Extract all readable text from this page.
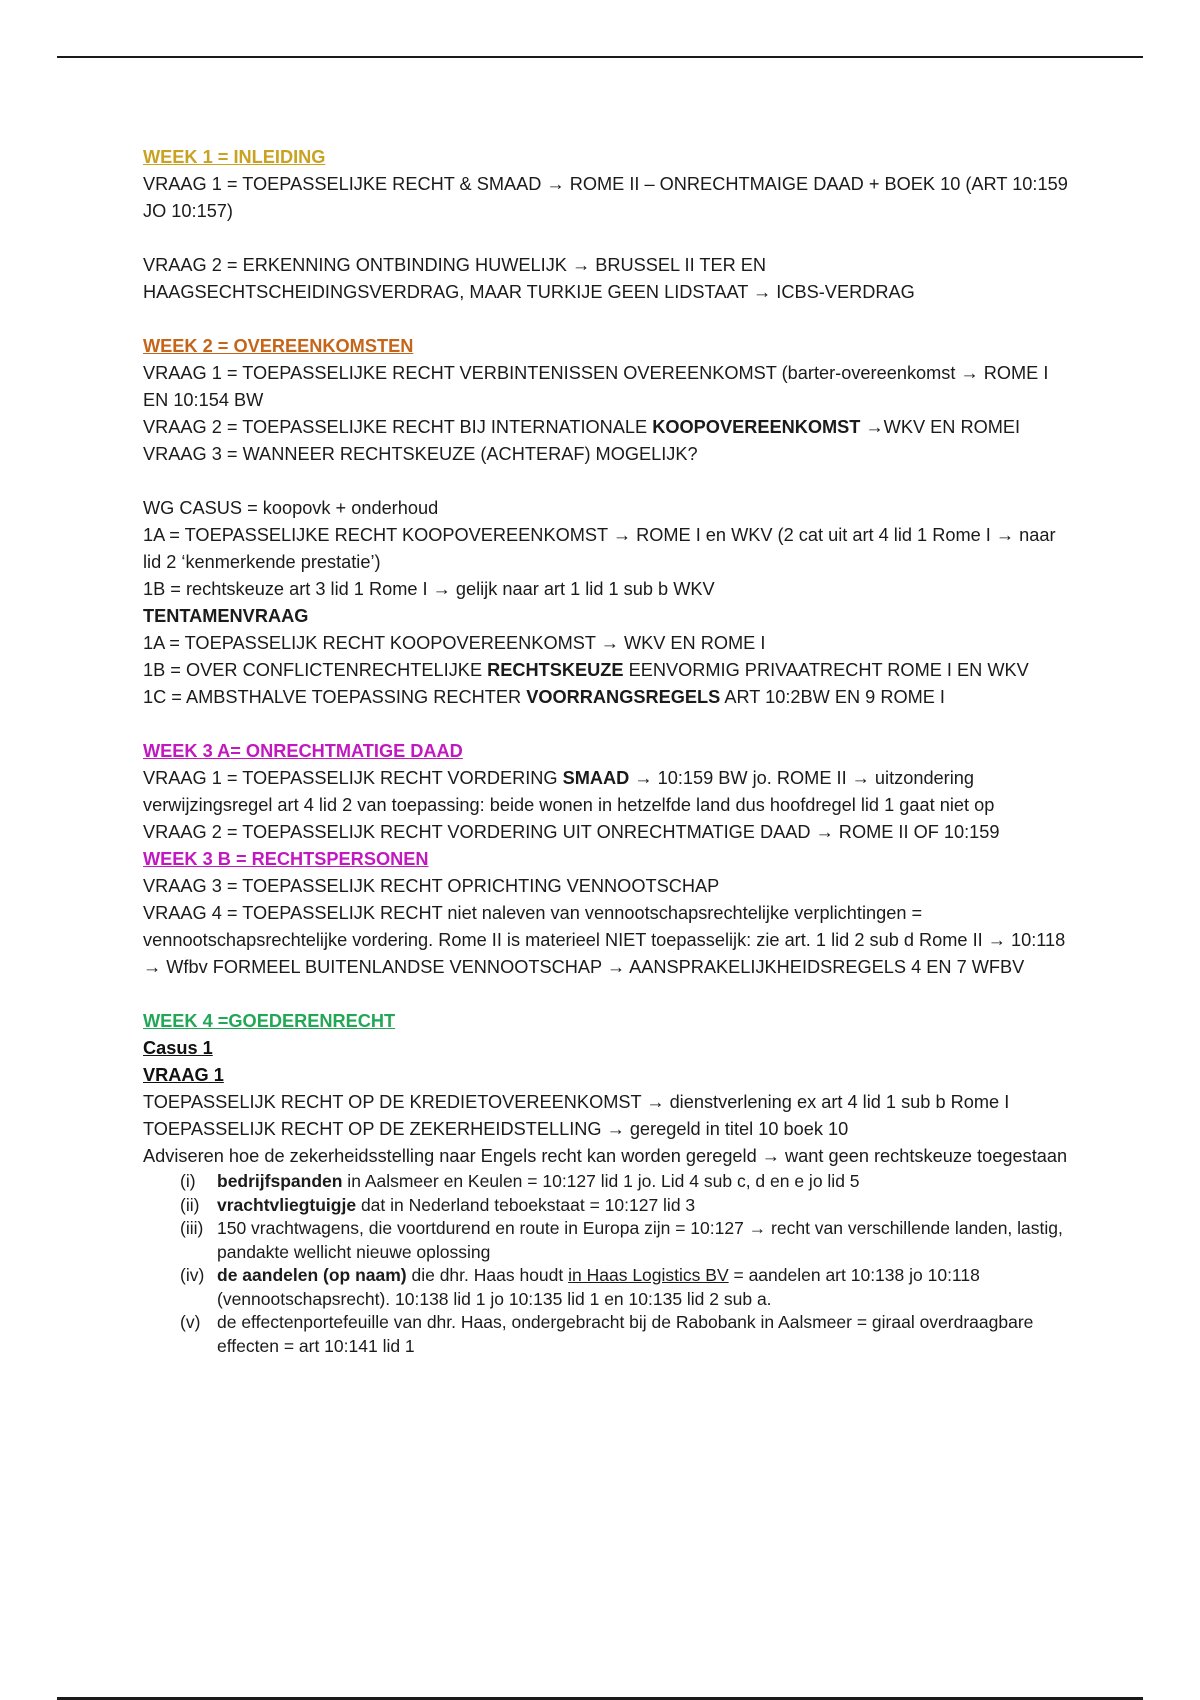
WEEK 1 = INLEIDING

VRAAG 1 = TOEPASSELIJKE RECHT & SMAAD → ROME II – ONRECHTMAIGE DAAD + BOEK 10 (ART 10:159 JO 10:157)

VRAAG 2 = ERKENNING ONTBINDING HUWELIJK → BRUSSEL II TER EN HAAGSECHTSCHEIDINGSVERDRAG, MAAR TURKIJE GEEN LIDSTAAT → ICBS-VERDRAG

WEEK 2 = OVEREENKOMSTEN

VRAAG 1 = TOEPASSELIJKE RECHT VERBINTENISSEN OVEREENKOMST (barter-overeenkomst → ROME I EN 10:154 BW

VRAAG 2 = TOEPASSELIJKE RECHT BIJ INTERNATIONALE KOOPOVEREENKOMST →WKV EN ROMEI

VRAAG 3 = WANNEER RECHTSKEUZE (ACHTERAF) MOGELIJK?

WG CASUS = koopovk + onderhoud

1A = TOEPASSELIJKE RECHT KOOPOVEREENKOMST → ROME I en WKV (2 cat uit art 4 lid 1 Rome I → naar lid 2 ‘kenmerkende prestatie’)

1B = rechtskeuze art 3 lid 1 Rome I → gelijk naar art 1 lid 1 sub b WKV

TENTAMENVRAAG

1A = TOEPASSELIJK RECHT KOOPOVEREENKOMST → WKV EN ROME I

1B = OVER CONFLICTENRECHTELIJKE RECHTSKEUZE EENVORMIG PRIVAATRECHT ROME I EN WKV

1C = AMBSTHALVE TOEPASSING RECHTER VOORRANGSREGELS ART 10:2BW EN 9 ROME I

WEEK 3 A= ONRECHTMATIGE DAAD

VRAAG 1 = TOEPASSELIJK RECHT VORDERING SMAAD → 10:159 BW jo. ROME II → uitzondering verwijzingsregel art 4 lid 2 van toepassing: beide wonen in hetzelfde land dus hoofdregel lid 1 gaat niet op

VRAAG 2 = TOEPASSELIJK RECHT VORDERING UIT ONRECHTMATIGE DAAD → ROME II OF 10:159

WEEK 3 B = RECHTSPERSONEN

VRAAG 3 = TOEPASSELIJK RECHT OPRICHTING VENNOOTSCHAP

VRAAG 4 = TOEPASSELIJK RECHT niet naleven van vennootschapsrechtelijke verplichtingen = vennootschapsrechtelijke vordering. Rome II is materieel NIET toepasselijk: zie art. 1 lid 2 sub d Rome II → 10:118 → Wfbv FORMEEL BUITENLANDSE VENNOOTSCHAP → AANSPRAKELIJKHEIDSREGELS 4 EN 7 WFBV

WEEK 4 =GOEDERENRECHT

Casus 1

VRAAG 1

TOEPASSELIJK RECHT OP DE KREDIETOVEREENKOMST → dienstverlening ex art 4 lid 1 sub b Rome I

TOEPASSELIJK RECHT OP DE ZEKERHEIDSTELLING → geregeld in titel 10 boek 10

Adviseren hoe de zekerheidsstelling naar Engels recht kan worden geregeld → want geen rechtskeuze toegestaan

(i) bedrijfspanden in Aalsmeer en Keulen = 10:127 lid 1 jo. Lid 4 sub c, d en e jo lid 5
(ii) vrachtvliegtuigje dat in Nederland teboekstaat = 10:127 lid 3
(iii) 150 vrachtwagens, die voortdurend en route in Europa zijn = 10:127 → recht van verschillende landen, lastig, pandakte wellicht nieuwe oplossing
(iv) de aandelen (op naam) die dhr. Haas houdt in Haas Logistics BV = aandelen art 10:138 jo 10:118 (vennootschapsrecht). 10:138 lid 1 jo 10:135 lid 1 en 10:135 lid 2 sub a.
(v) de effectenportefeuille van dhr. Haas, ondergebracht bij de Rabobank in Aalsmeer = giraal overdraagbare effecten = art 10:141 lid 1
